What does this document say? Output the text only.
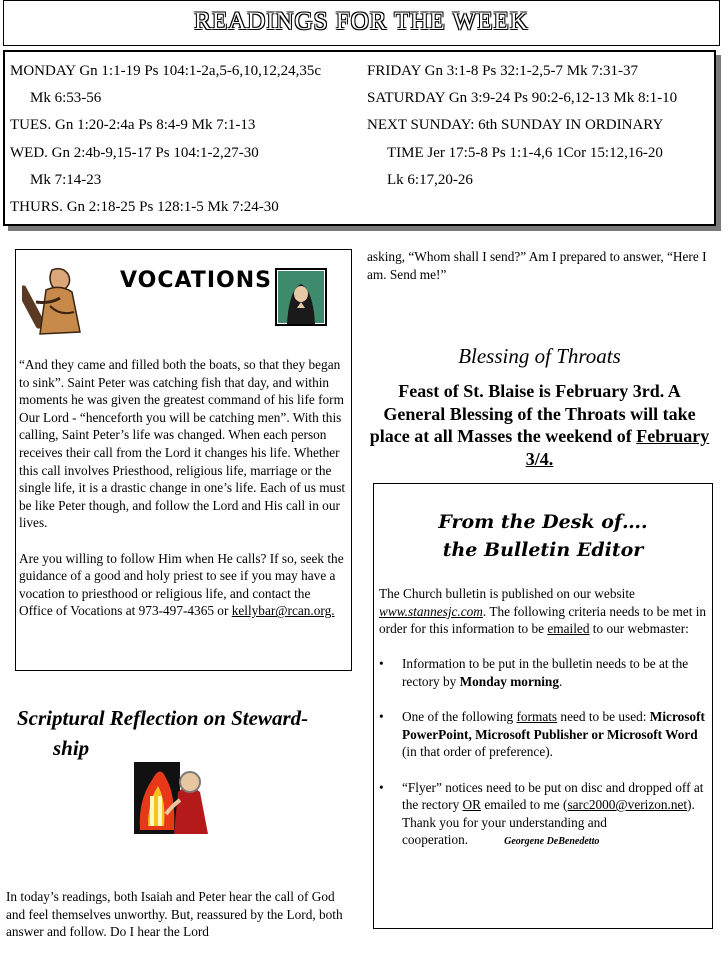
READINGS FOR THE WEEK
MONDAY Gn 1:1-19 Ps 104:1-2a,5-6,10,12,24,35c
Mk 6:53-56
TUES. Gn 1:20-2:4a Ps 8:4-9 Mk 7:1-13
WED. Gn 2:4b-9,15-17 Ps 104:1-2,27-30
Mk 7:14-23
THURS. Gn 2:18-25 Ps 128:1-5 Mk 7:24-30
FRIDAY Gn 3:1-8 Ps 32:1-2,5-7 Mk 7:31-37
SATURDAY Gn 3:9-24 Ps 90:2-6,12-13 Mk 8:1-10
NEXT SUNDAY: 6th SUNDAY IN ORDINARY
TIME Jer 17:5-8 Ps 1:1-4,6 1Cor 15:12,16-20
Lk 6:17,20-26
VOCATIONS

“And they came and filled both the boats, so that they began to sink”. Saint Peter was catching fish that day, and within moments he was given the greatest command of his life form Our Lord - “henceforth you will be catching men”. With this calling, Saint Peter’s life was changed. When each person receives their call from the Lord it changes his life. Whether this call involves Priesthood, religious life, marriage or the single life, it is a drastic change in one’s life. Each of us must be like Peter though, and follow the Lord and His call in our lives.

Are you willing to follow Him when He calls? If so, seek the guidance of a good and holy priest to see if you may have a vocation to priesthood or religious life, and contact the Office of Vocations at 973-497-4365 or kellybar@rcan.org.

Scriptural Reflection on Steward-
ship
In today’s readings, both Isaiah and Peter hear the call of God and feel themselves unworthy. But, reassured by the Lord, both answer and follow. Do I hear the Lord
asking, “Whom shall I send?” Am I prepared to answer, “Here I am. Send me!”
Blessing of Throats
Feast of St. Blaise is February 3rd. A General Blessing of the Throats will take place at all Masses the weekend of February 3/4.
From the Desk of….
the Bulletin Editor

The Church bulletin is published on our website www.stannesjc.com. The following criteria needs to be met in order for this information to be emailed to our webmaster:

• Information to be put in the bulletin needs to be at the rectory by Monday morning.
• One of the following formats need to be used: Microsoft PowerPoint, Microsoft Publisher or Microsoft Word (in that order of preference).
• “Flyer” notices need to be put on disc and dropped off at the rectory OR emailed to me (sarc2000@verizon.net).
Thank you for your understanding and cooperation.	Georgene DeBenedetto
